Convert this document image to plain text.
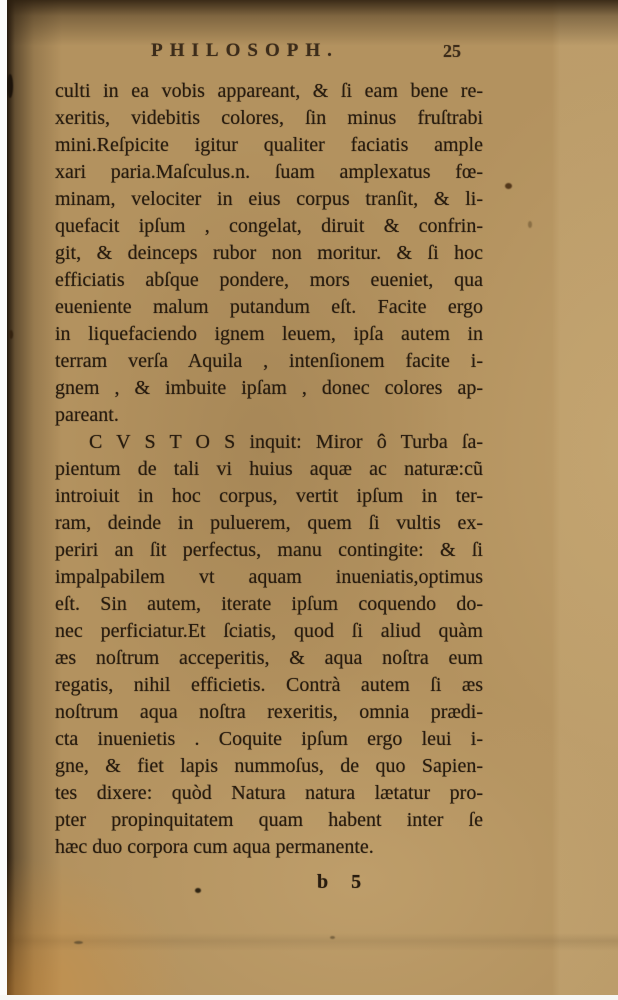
PHILOSOPH.	25
culti in ea vobis appareant, & ſi eam bene re-
xeritis, videbitis colores, ſin minus fruſtrabi
mini.Reſpicite igitur qualiter faciatis ample
xari paria.Maſculus.n. ſuam amplexatus fœ-
minam, velociter in eius corpus tranſit, & li-
quefacit ipſum , congelat, diruit & confrin-
git, & deinceps rubor non moritur. & ſi hoc
efficiatis abſque pondere, mors eueniet, qua
eueniente malum putandum eſt. Facite ergo
in liquefaciendo ignem leuem, ipſa autem in
terram verſa Aquila , intenſionem facite i-
gnem , & imbuite ipſam , donec colores ap-
pareant.
C V S T O S inquit: Miror ô Turba ſa-
pientum de tali vi huius aquæ ac naturæ:cũ
introiuit in hoc corpus, vertit ipſum in ter-
ram, deinde in puluerem, quem ſi vultis ex-
periri an ſit perfectus, manu contingite: & ſi
impalpabilem vt aquam inueniatis,optimus
eſt. Sin autem, iterate ipſum coquendo do-
nec perficiatur.Et ſciatis, quod ſi aliud quàm
æs noſtrum acceperitis, & aqua noſtra eum
regatis, nihil efficietis. Contrà autem ſi æs
noſtrum aqua noſtra rexeritis, omnia prædi-
cta inuenietis . Coquite ipſum ergo leui i-
gne, & fiet lapis nummoſus, de quo Sapien-
tes dixere: quòd Natura natura lætatur pro-
pter propinquitatem quam habent inter ſe
hæc duo corpora cum aqua permanente.
b 5
